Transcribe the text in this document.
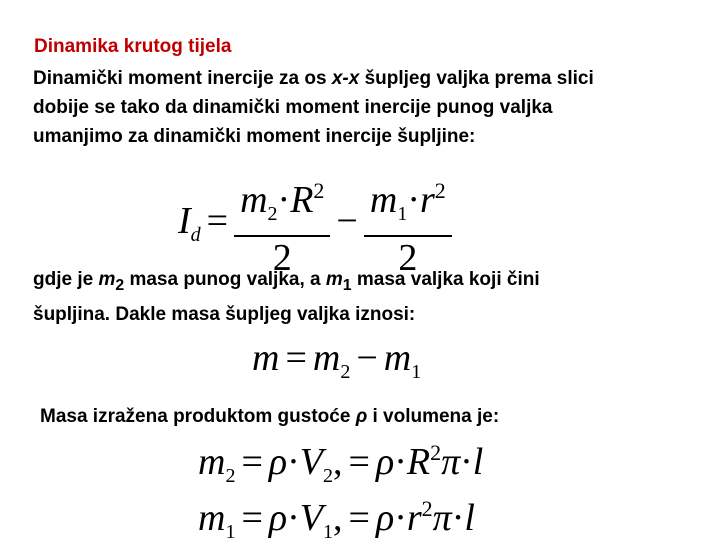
Dinamika krutog tijela
Dinamički moment inercije za os x-x šupljeg valjka prema slici
dobije se tako da dinamički moment inercije punog valjka
umanjimo za dinamički moment inercije šupljine:
$I_d = \frac{m_2\cdot R^2}{2} - \frac{m_1\cdot r^2}{2}$
gdje je $m_2$ masa punog valjka, a $m_1$ masa valjka koji čini
šupljina. Dakle masa šupljeg valjka iznosi:
$m = m_2 - m_1$
Masa izražena produktom gustoće ρ i volumena je:
$m_2 = \rho\cdot V_2$, = $\rho\cdot R^2\pi\cdot l$
$m_1 = \rho\cdot V_1$, = $\rho\cdot r^2\pi\cdot l$
